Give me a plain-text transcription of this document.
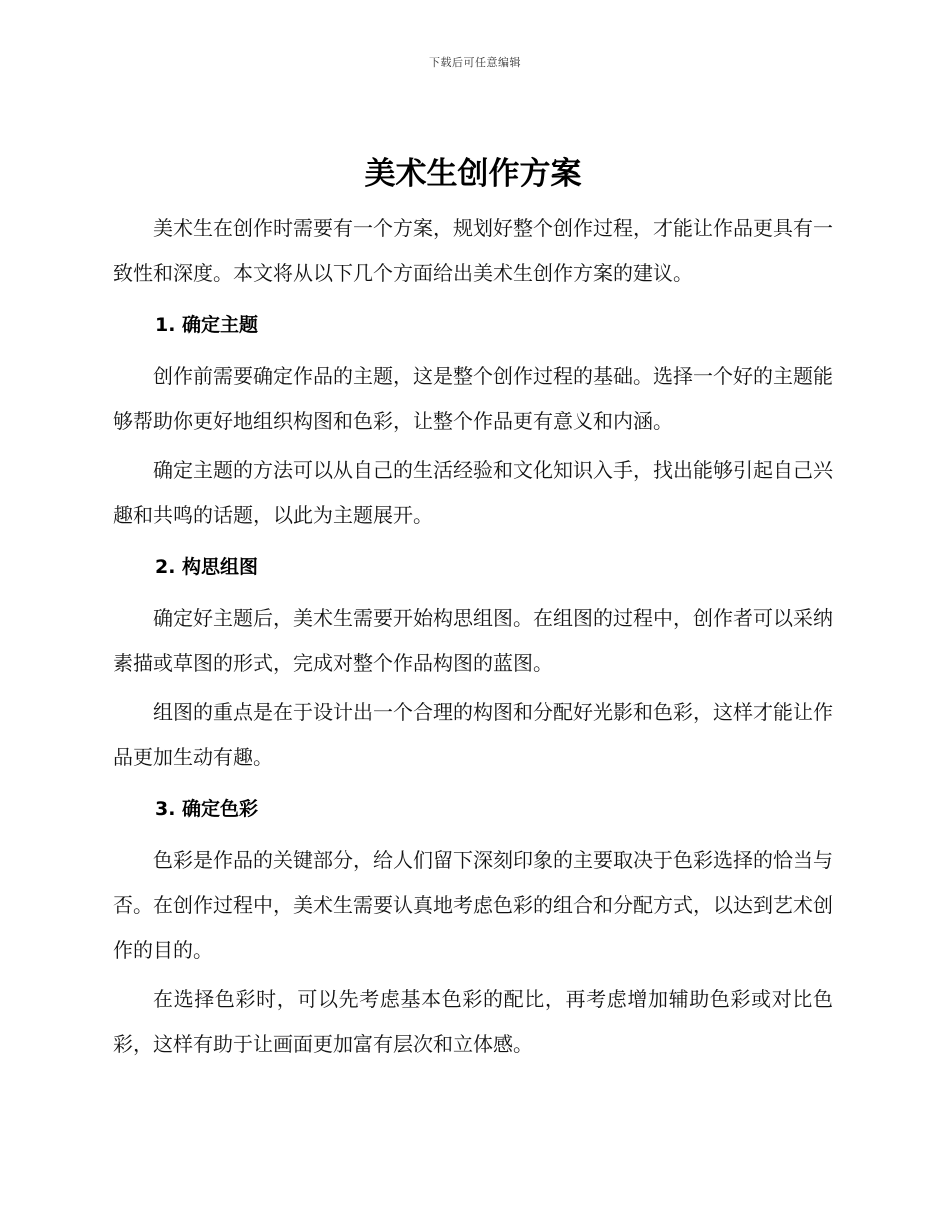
下载后可任意编辑
美术生创作方案

美术生在创作时需要有一个方案，规划好整个创作过程，才能让作品更具有一致性和深度。本文将从以下几个方面给出美术生创作方案的建议。

1. 确定主题

创作前需要确定作品的主题，这是整个创作过程的基础。选择一个好的主题能够帮助你更好地组织构图和色彩，让整个作品更有意义和内涵。

确定主题的方法可以从自己的生活经验和文化知识入手，找出能够引起自己兴趣和共鸣的话题，以此为主题展开。

2. 构思组图

确定好主题后，美术生需要开始构思组图。在组图的过程中，创作者可以采纳素描或草图的形式，完成对整个作品构图的蓝图。

组图的重点是在于设计出一个合理的构图和分配好光影和色彩，这样才能让作品更加生动有趣。

3. 确定色彩

色彩是作品的关键部分，给人们留下深刻印象的主要取决于色彩选择的恰当与否。在创作过程中，美术生需要认真地考虑色彩的组合和分配方式，以达到艺术创作的目的。

在选择色彩时，可以先考虑基本色彩的配比，再考虑增加辅助色彩或对比色彩，这样有助于让画面更加富有层次和立体感。
